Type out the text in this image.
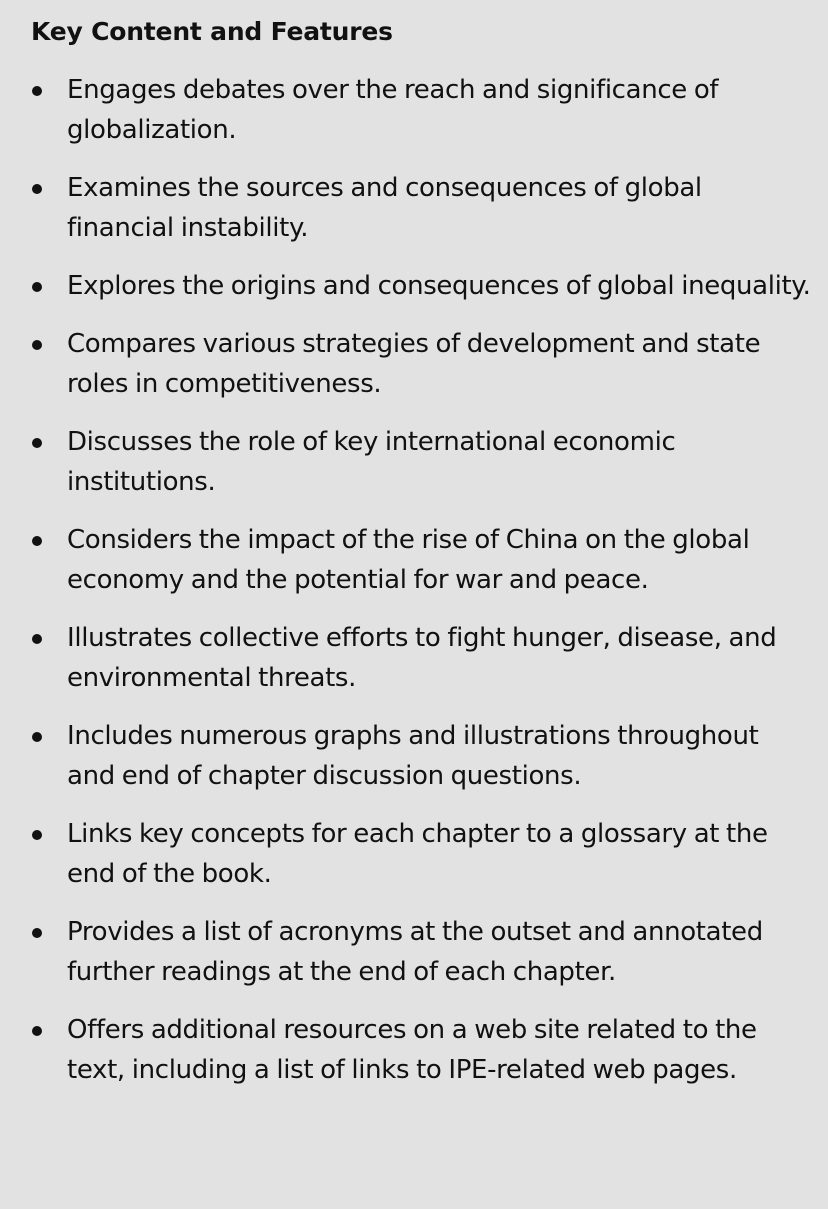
Key Content and Features
Engages debates over the reach and significance of globalization.
Examines the sources and consequences of global financial instability.
Explores the origins and consequences of global inequality.
Compares various strategies of development and state roles in competitiveness.
Discusses the role of key international economic institutions.
Considers the impact of the rise of China on the global economy and the potential for war and peace.
Illustrates collective efforts to fight hunger, disease, and environmental threats.
Includes numerous graphs and illustrations throughout and end of chapter discussion questions.
Links key concepts for each chapter to a glossary at the end of the book.
Provides a list of acronyms at the outset and annotated further readings at the end of each chapter.
Offers additional resources on a web site related to the text, including a list of links to IPE-related web pages.
